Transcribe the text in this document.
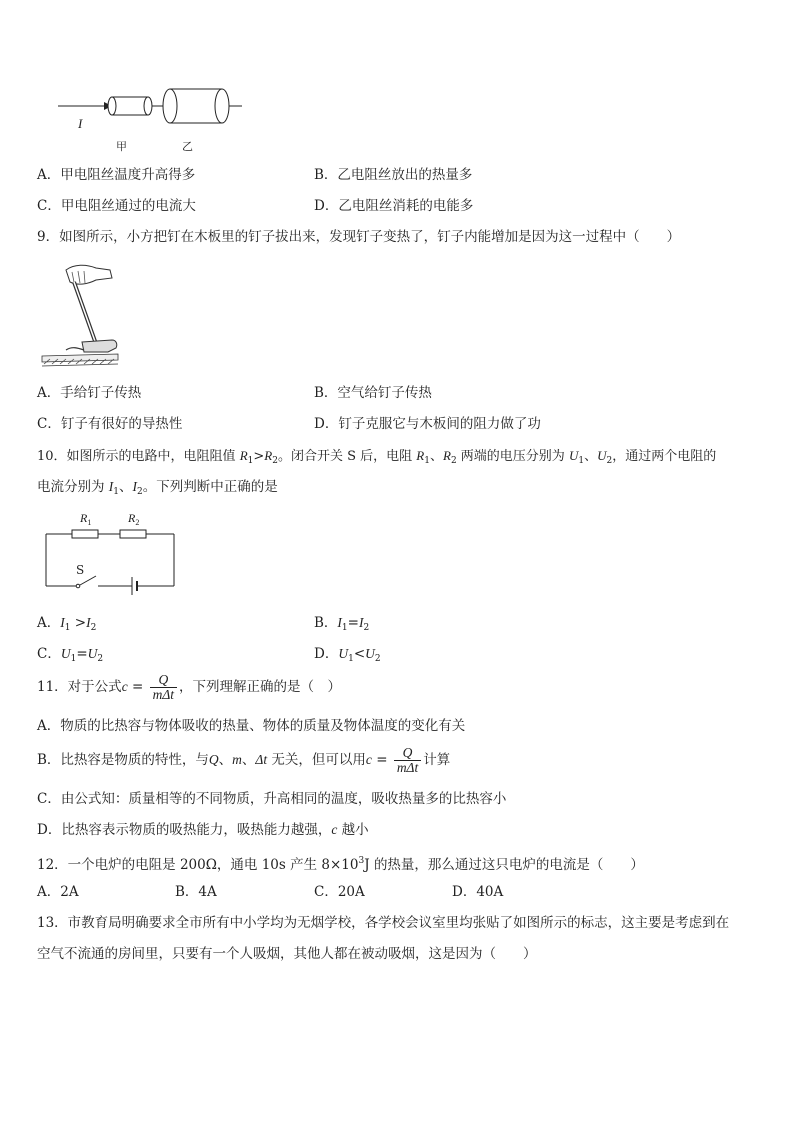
I
甲	乙
A．甲电阻丝温度升高得多	B．乙电阻丝放出的热量多
C．甲电阻丝通过的电流大	D．乙电阻丝消耗的电能多
9．如图所示，小方把钉在木板里的钉子拔出来，发现钉子变热了，钉子内能增加是因为这一过程中（　　）
A．手给钉子传热	B．空气给钉子传热
C．钉子有很好的导热性	D．钉子克服它与木板间的阻力做了功
10．如图所示的电路中，电阻阻值 $R_1>R_2$。闭合开关 S 后，电阻 $R_1$、$R_2$ 两端的电压分别为 $U_1$、$U_2$，通过两个电阻的
电流分别为 $I_1$、$I_2$。下列判断中正确的是
$R_1$	$R_2$
S
A．$I_1 >I_2$	B．$I_1=I_2$
C．$U_1=U_2$	D．$U_1<U_2$
11．对于公式$c = \frac{Q}{\text{mΔt}}$ ，下列理解正确的是（　）
A．物质的比热容与物体吸收的热量、物体的质量及物体温度的变化有关
B．比热容是物质的特性，与Q、m、Δt 无关，但可以用$c = \frac{Q}{\text{mΔt}}$ 计算
C．由公式知：质量相等的不同物质，升高相同的温度，吸收热量多的比热容小
D．比热容表示物质的吸热能力，吸热能力越强，c 越小
12．一个电炉的电阻是 200Ω，通电 10s 产生 $8\times 10^3J$ 的热量，那么通过这只电炉的电流是（　　）
A．2A	B．4A	C．20A	D．40A
13．市教育局明确要求全市所有中小学均为无烟学校，各学校会议室里均张贴了如图所示的标志，这主要是考虑到在
空气不流通的房间里，只要有一个人吸烟，其他人都在被动吸烟，这是因为（　　）
